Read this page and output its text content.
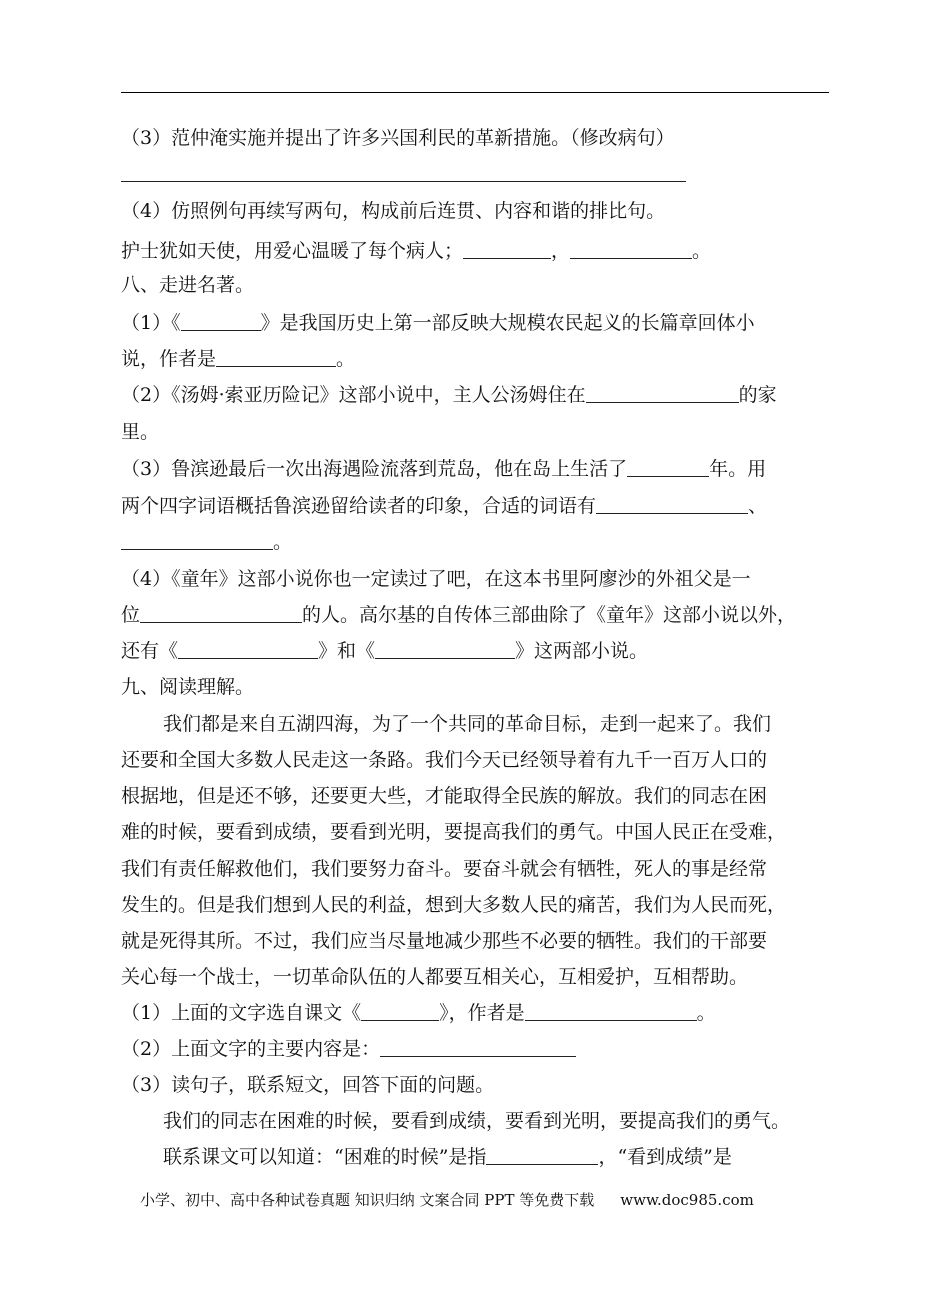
（3）范仲淹实施并提出了许多兴国利民的革新措施。（修改病句）
（4）仿照例句再续写两句，构成前后连贯、内容和谐的排比句。
护士犹如天使，用爱心温暖了每个病人；	，	。
八、走进名著。
（1）《	》是我国历史上第一部反映大规模农民起义的长篇章回体小
说，作者是	。
（2）《汤姆·索亚历险记》这部小说中，主人公汤姆住在	的家
里。
（3）鲁滨逊最后一次出海遇险流落到荒岛，他在岛上生活了	年。用
两个四字词语概括鲁滨逊留给读者的印象，合适的词语有	、
。
（4）《童年》这部小说你也一定读过了吧，在这本书里阿廖沙的外祖父是一
位	的人。高尔基的自传体三部曲除了《童年》这部小说以外，
还有《	》和《	》这两部小说。
九、阅读理解。
我们都是来自五湖四海，为了一个共同的革命目标，走到一起来了。我们
还要和全国大多数人民走这一条路。我们今天已经领导着有九千一百万人口的
根据地，但是还不够，还要更大些，才能取得全民族的解放。我们的同志在困
难的时候，要看到成绩，要看到光明，要提高我们的勇气。中国人民正在受难，
我们有责任解救他们，我们要努力奋斗。要奋斗就会有牺牲，死人的事是经常
发生的。但是我们想到人民的利益，想到大多数人民的痛苦，我们为人民而死，
就是死得其所。不过，我们应当尽量地减少那些不必要的牺牲。我们的干部要
关心每一个战士，一切革命队伍的人都要互相关心，互相爱护，互相帮助。
（1）上面的文字选自课文《	》，作者是	。
（2）上面文字的主要内容是：
（3）读句子，联系短文，回答下面的问题。
我们的同志在困难的时候，要看到成绩，要看到光明，要提高我们的勇气。
联系课文可以知道：“困难的时候”是指	，“看到成绩”是
小学、初中、高中各种试卷真题 知识归纳 文案合同 PPT 等免费下载 www.doc985.com
